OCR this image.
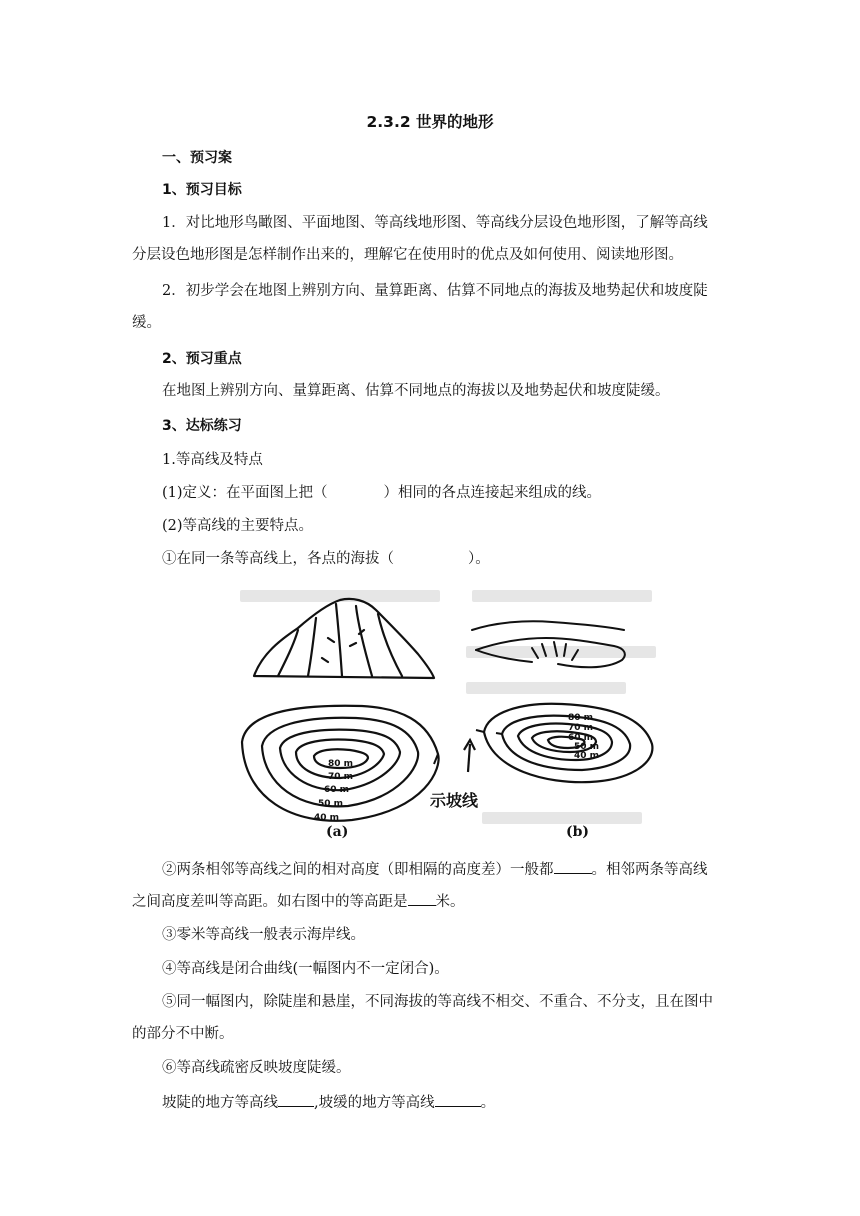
2.3.2 世界的地形
一、预习案
1、预习目标
1．对比地形鸟瞰图、平面地图、等高线地形图、等高线分层设色地形图，了解等高线
分层设色地形图是怎样制作出来的，理解它在使用时的优点及如何使用、阅读地形图。
2．初步学会在地图上辨别方向、量算距离、估算不同地点的海拔及地势起伏和坡度陡
缓。
2、预习重点
在地图上辨别方向、量算距离、估算不同地点的海拔以及地势起伏和坡度陡缓。
3、达标练习
1.等高线及特点
(1)定义：在平面图上把（	）相同的各点连接起来组成的线。
(2)等高线的主要特点。
①在同一条等高线上，各点的海拔（	）。
80 m
70 m
60 m
50 m
40 m
示坡线
80 m
70 m
60 m
50 m
40 m
(a)	(b)
②两条相邻等高线之间的相对高度（即相隔的高度差）一般都	。相邻两条等高线
之间高度差叫等高距。如右图中的等高距是 米。
③零米等高线一般表示海岸线。
④等高线是闭合曲线(一幅图内不一定闭合)。
⑤同一幅图内，除陡崖和悬崖，不同海拔的等高线不相交、不重合、不分支，且在图中
的部分不中断。
⑥等高线疏密反映坡度陡缓。
坡陡的地方等高线 ,坡缓的地方等高线	。
